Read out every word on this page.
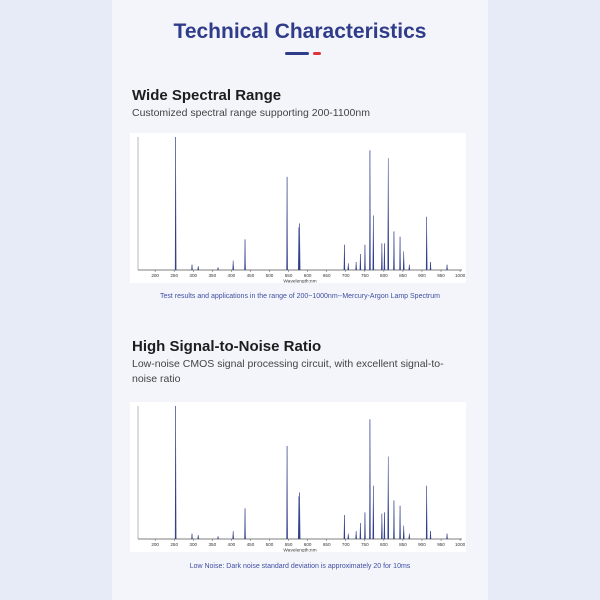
Technical Characteristics
Wide Spectral Range
Customized spectral range supporting 200-1100nm
200 250 300 350 400 450 500 550 600 650 700 750 800 850 900 950 1000
Wavelength:nm
Test results and applications in the range of 200~1000nm--Mercury-Argon Lamp Spectrum
High Signal-to-Noise Ratio
Low-noise CMOS signal processing circuit, with excellent signal-to-noise ratio
200 250 300 350 400 450 500 550 600 650 700 750 800 850 900 950 1000
Wavelength:nm
Low Noise: Dark noise standard deviation is approximately 20 for 10ms
